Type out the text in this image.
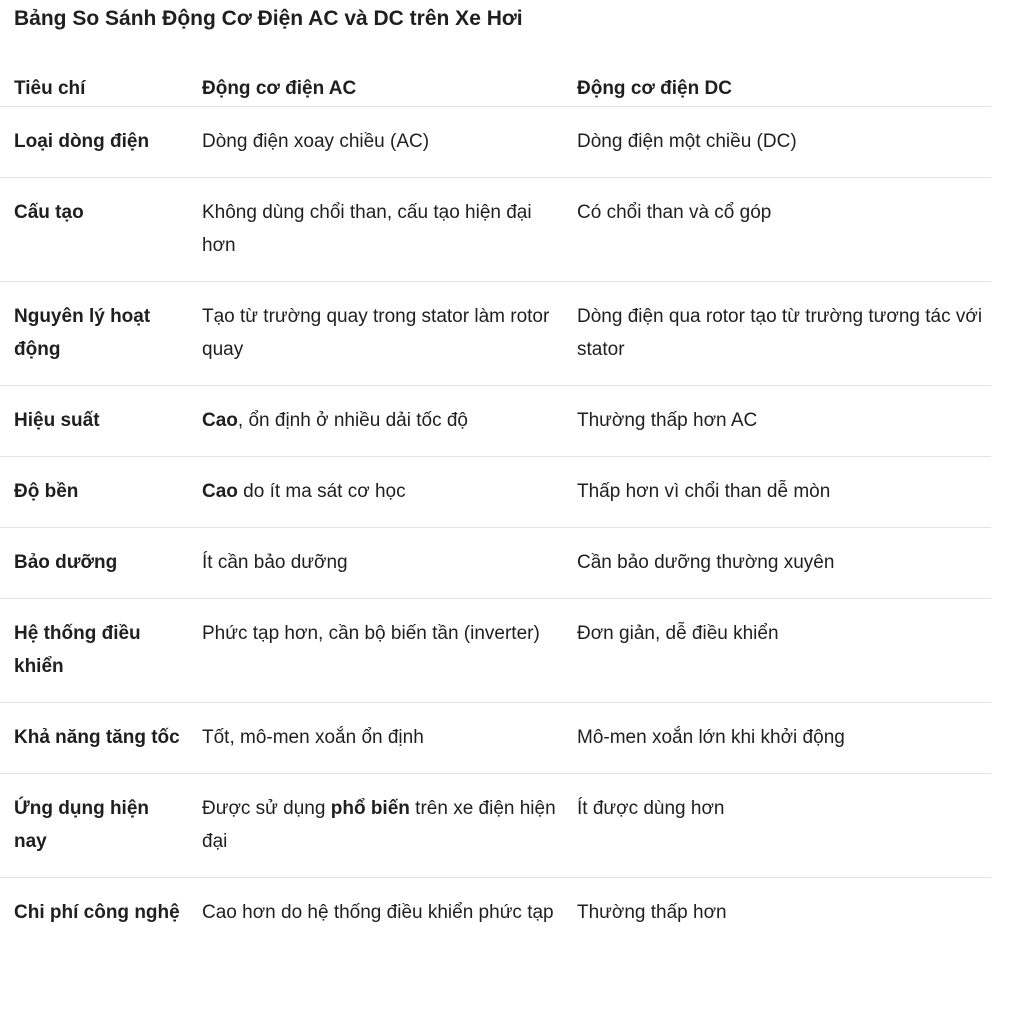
Bảng So Sánh Động Cơ Điện AC và DC trên Xe Hơi
Tiêu chí	Động cơ điện AC	Động cơ điện DC
Loại dòng điện	Dòng điện xoay chiều (AC)	Dòng điện một chiều (DC)
Cấu tạo	Không dùng chổi than, cấu tạo hiện đại hơn	Có chổi than và cổ góp
Nguyên lý hoạt động	Tạo từ trường quay trong stator làm rotor quay	Dòng điện qua rotor tạo từ trường tương tác với stator
Hiệu suất	Cao, ổn định ở nhiều dải tốc độ	Thường thấp hơn AC
Độ bền	Cao do ít ma sát cơ học	Thấp hơn vì chổi than dễ mòn
Bảo dưỡng	Ít cần bảo dưỡng	Cần bảo dưỡng thường xuyên
Hệ thống điều khiển	Phức tạp hơn, cần bộ biến tần (inverter)	Đơn giản, dễ điều khiển
Khả năng tăng tốc	Tốt, mô-men xoắn ổn định	Mô-men xoắn lớn khi khởi động
Ứng dụng hiện nay	Được sử dụng phổ biến trên xe điện hiện đại	Ít được dùng hơn
Chi phí công nghệ	Cao hơn do hệ thống điều khiển phức tạp	Thường thấp hơn
